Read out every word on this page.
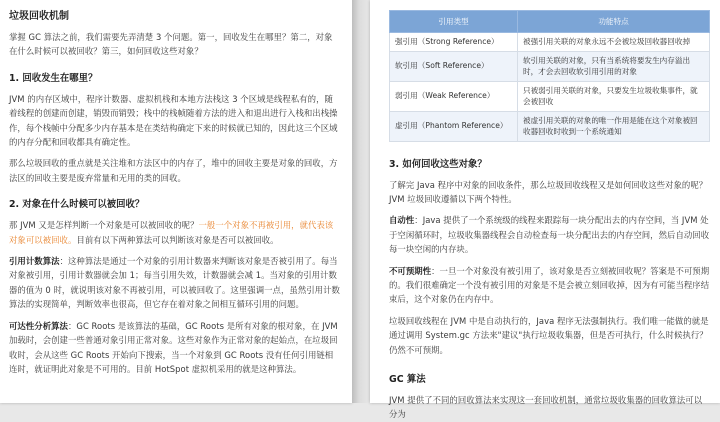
垃圾回收机制

掌握 GC 算法之前，我们需要先弄清楚 3 个问题。第一，回收发生在哪里？第二，对象在什么时候可以被回收？第三，如何回收这些对象？

1. 回收发生在哪里？

JVM 的内存区域中，程序计数器、虚拟机栈和本地方法栈这 3 个区域是线程私有的，随着线程的创建而创建，销毁而销毁；栈中的栈帧随着方法的进入和退出进行入栈和出栈操作，每个栈帧中分配多少内存基本是在类结构确定下来的时候就已知的，因此这三个区域的内存分配和回收都具有确定性。

那么垃圾回收的重点就是关注堆和方法区中的内存了，堆中的回收主要是对象的回收，方法区的回收主要是废弃常量和无用的类的回收。

2. 对象在什么时候可以被回收？

那 JVM 又是怎样判断一个对象是可以被回收的呢？一般一个对象不再被引用，就代表该对象可以被回收。目前有以下两种算法可以判断该对象是否可以被回收。

引用计数算法：这种算法是通过一个对象的引用计数器来判断该对象是否被引用了。每当对象被引用，引用计数器就会加 1；每当引用失效，计数器就会减 1。当对象的引用计数器的值为 0 时，就说明该对象不再被引用，可以被回收了。这里强调一点，虽然引用计数算法的实现简单，判断效率也很高，但它存在着对象之间相互循环引用的问题。

可达性分析算法：GC Roots 是该算法的基础，GC Roots 是所有对象的根对象，在 JVM 加载时，会创建一些普通对象引用正常对象。这些对象作为正常对象的起始点，在垃圾回收时，会从这些 GC Roots 开始向下搜索，当一个对象到 GC Roots 没有任何引用链相连时，就证明此对象是不可用的。目前 HotSpot 虚拟机采用的就是这种算法。

引用类型	功能特点
强引用（Strong Reference）	被强引用关联的对象永远不会被垃圾回收器回收掉
软引用（Soft Reference）	软引用关联的对象，只有当系统将要发生内存溢出时，才会去回收软引用引用的对象
弱引用（Weak Reference）	只被弱引用关联的对象，只要发生垃圾收集事件，就会被回收
虚引用（Phantom Reference）	被虚引用关联的对象的唯一作用是能在这个对象被回收器回收时收到一个系统通知
3. 如何回收这些对象？

了解完 Java 程序中对象的回收条件，那么垃圾回收线程又是如何回收这些对象的呢？JVM 垃圾回收遵循以下两个特性。

自动性：Java 提供了一个系统级的线程来跟踪每一块分配出去的内存空间，当 JVM 处于空闲循环时，垃圾收集器线程会自动检查每一块分配出去的内存空间，然后自动回收每一块空闲的内存块。

不可预期性：一旦一个对象没有被引用了，该对象是否立刻被回收呢？答案是不可预期的。我们很难确定一个没有被引用的对象是不是会被立刻回收掉，因为有可能当程序结束后，这个对象仍在内存中。

垃圾回收线程在 JVM 中是自动执行的，Java 程序无法强制执行。我们唯一能做的就是通过调用 System.gc 方法来"建议"执行垃圾收集器，但是否可执行，什么时候执行？仍然不可预期。

GC 算法

JVM 提供了不同的回收算法来实现这一套回收机制，通常垃圾收集器的回收算法可以分为
